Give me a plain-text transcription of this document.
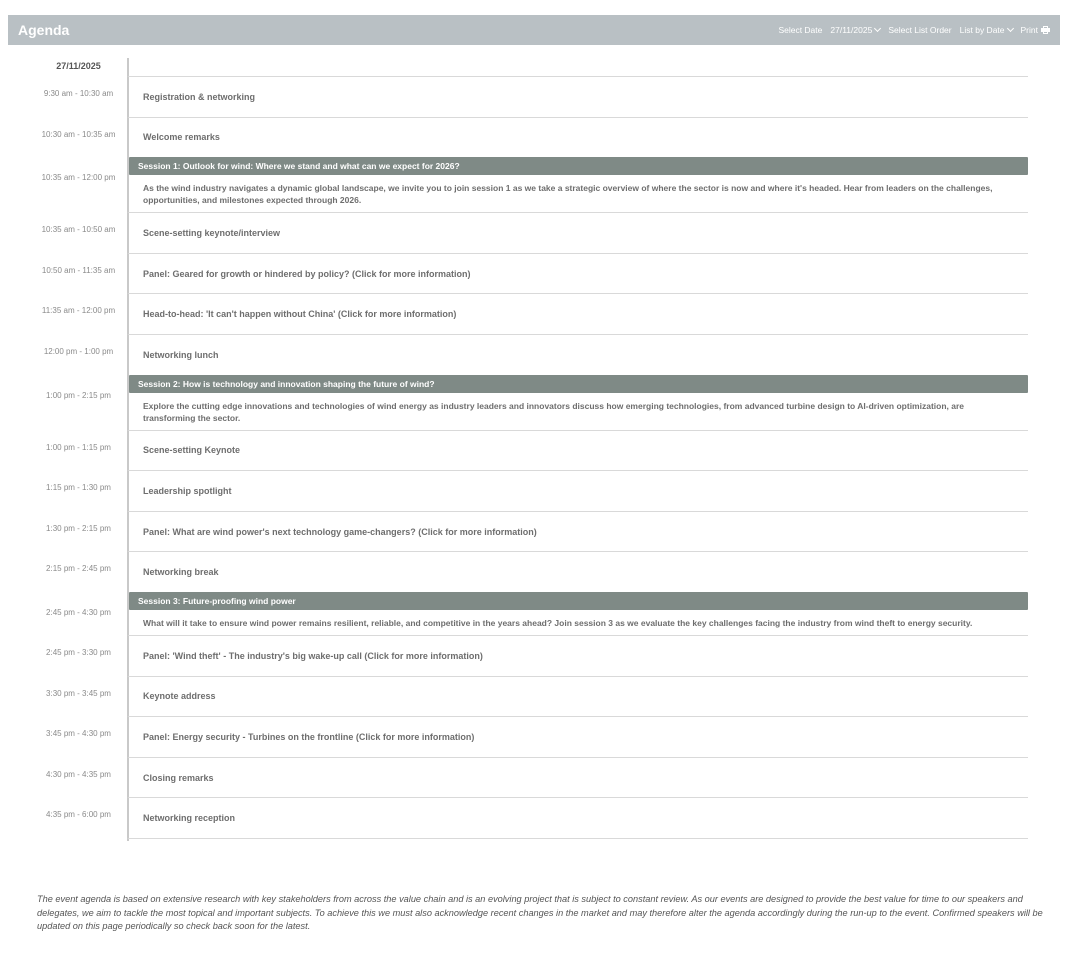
Agenda	Select Date 27/11/2025 Select List Order List by Date Print
27/11/2025
9:30 am - 10:30 am	Registration & networking
10:30 am - 10:35 am	Welcome remarks
10:35 am - 12:00 pm
Session 1: Outlook for wind: Where we stand and what can we expect for 2026?
As the wind industry navigates a dynamic global landscape, we invite you to join session 1 as we take a strategic overview of where the sector is now and where it's headed. Hear from leaders on the challenges, opportunities, and milestones expected through 2026.
10:35 am - 10:50 am	Scene-setting keynote/interview
10:50 am - 11:35 am	Panel: Geared for growth or hindered by policy? (Click for more information)
11:35 am - 12:00 pm	Head-to-head: 'It can't happen without China' (Click for more information)
12:00 pm - 1:00 pm	Networking lunch
1:00 pm - 2:15 pm
Session 2: How is technology and innovation shaping the future of wind?
Explore the cutting edge innovations and technologies of wind energy as industry leaders and innovators discuss how emerging technologies, from advanced turbine design to AI-driven optimization, are transforming the sector.
1:00 pm - 1:15 pm	Scene-setting Keynote
1:15 pm - 1:30 pm	Leadership spotlight
1:30 pm - 2:15 pm	Panel: What are wind power's next technology game-changers? (Click for more information)
2:15 pm - 2:45 pm	Networking break
2:45 pm - 4:30 pm
Session 3: Future-proofing wind power
What will it take to ensure wind power remains resilient, reliable, and competitive in the years ahead? Join session 3 as we evaluate the key challenges facing the industry from wind theft to energy security.
2:45 pm - 3:30 pm	Panel: 'Wind theft' - The industry's big wake-up call (Click for more information)
3:30 pm - 3:45 pm	Keynote address
3:45 pm - 4:30 pm	Panel: Energy security - Turbines on the frontline (Click for more information)
4:30 pm - 4:35 pm	Closing remarks
4:35 pm - 6:00 pm	Networking reception
The event agenda is based on extensive research with key stakeholders from across the value chain and is an evolving project that is subject to constant review. As our events are designed to provide the best value for time to our speakers and delegates, we aim to tackle the most topical and important subjects. To achieve this we must also acknowledge recent changes in the market and may therefore alter the agenda accordingly during the run-up to the event. Confirmed speakers will be updated on this page periodically so check back soon for the latest.
